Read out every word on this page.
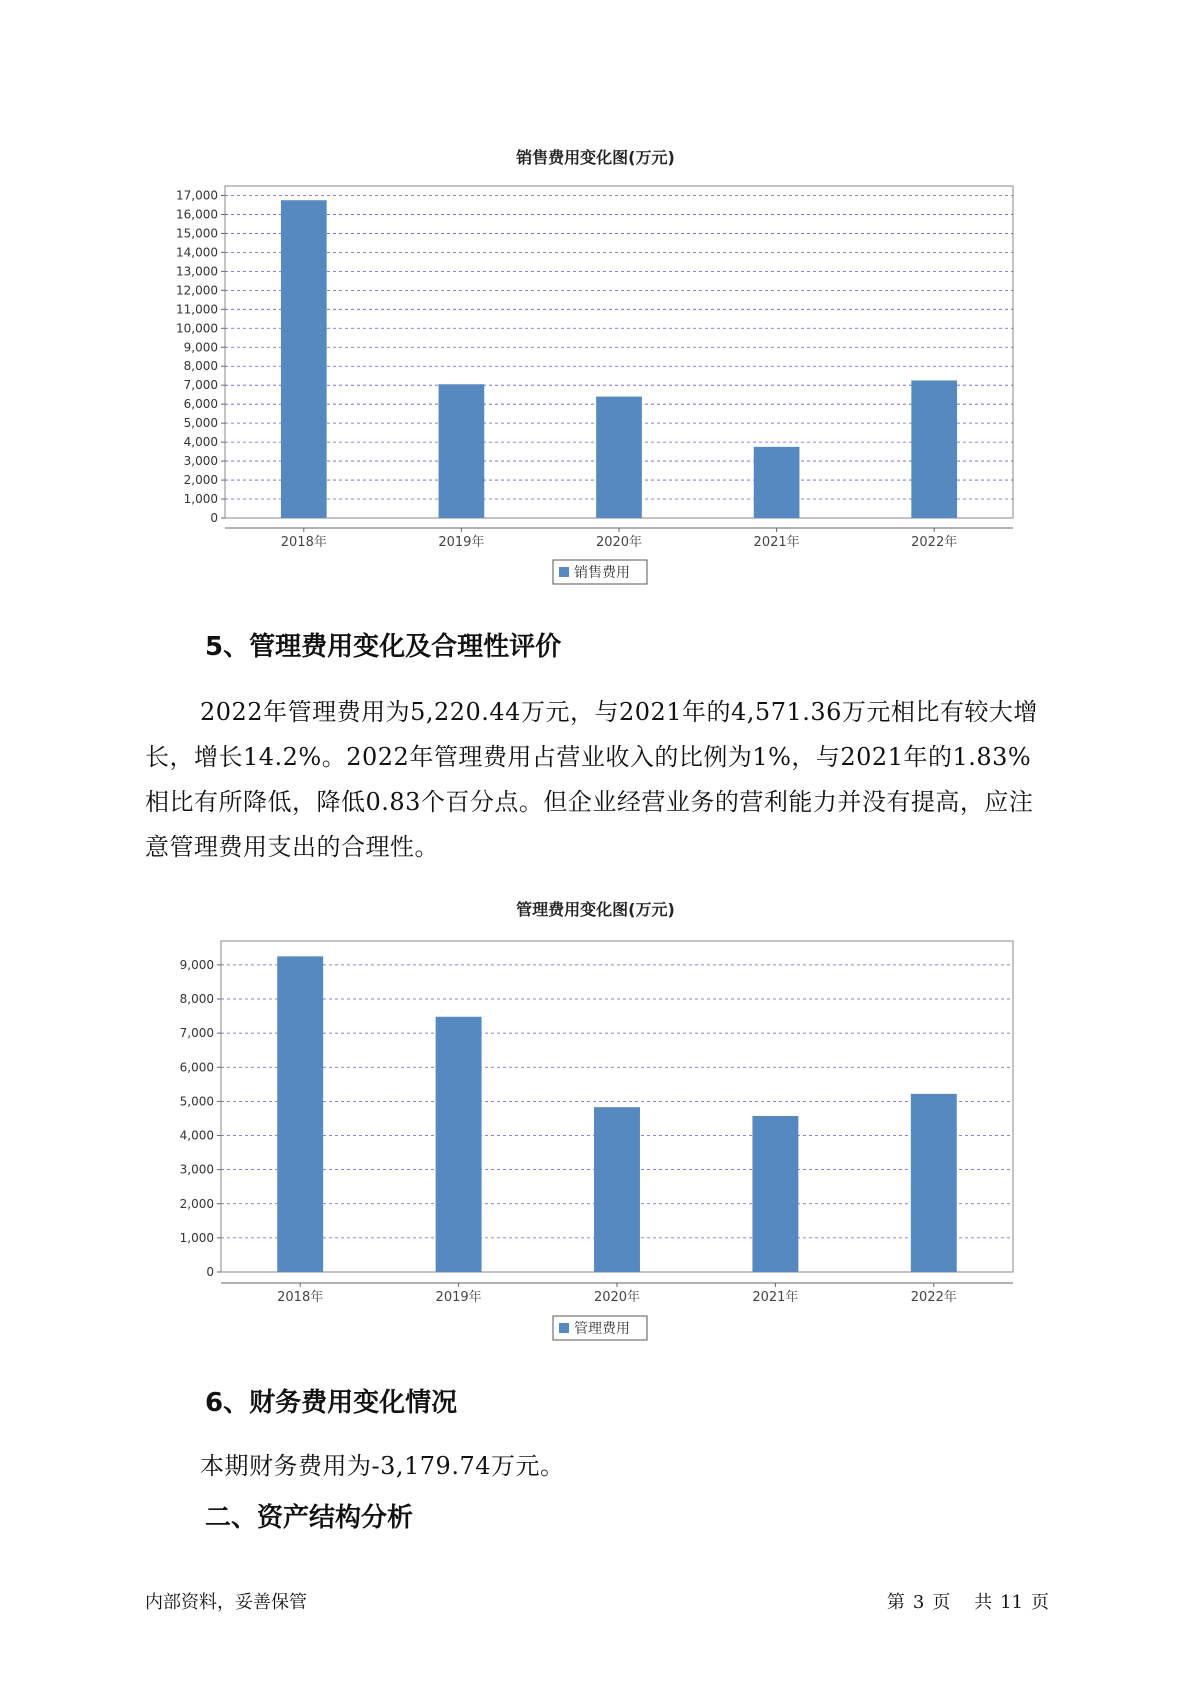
销售费用变化图(万元)
0
1,000
2,000
3,000
4,000
5,000
6,000
7,000
8,000
9,000
10,000
11,000
12,000
13,000
14,000
15,000
16,000
17,000
2018年	2019年	2020年	2021年	2022年
销售费用
5、管理费用变化及合理性评价

2022年管理费用为5,220.44万元，与2021年的4,571.36万元相比有较大增长，增长14.2%。2022年管理费用占营业收入的比例为1%，与2021年的1.83%相比有所降低，降低0.83个百分点。但企业经营业务的营利能力并没有提高，应注意管理费用支出的合理性。

管理费用变化图(万元)
0
1,000
2,000
3,000
4,000
5,000
6,000
7,000
8,000
9,000
2018年	2019年	2020年	2021年	2022年
管理费用
6、财务费用变化情况

本期财务费用为-3,179.74万元。

二、资产结构分析
内部资料，妥善保管	第 3 页 共 11 页
